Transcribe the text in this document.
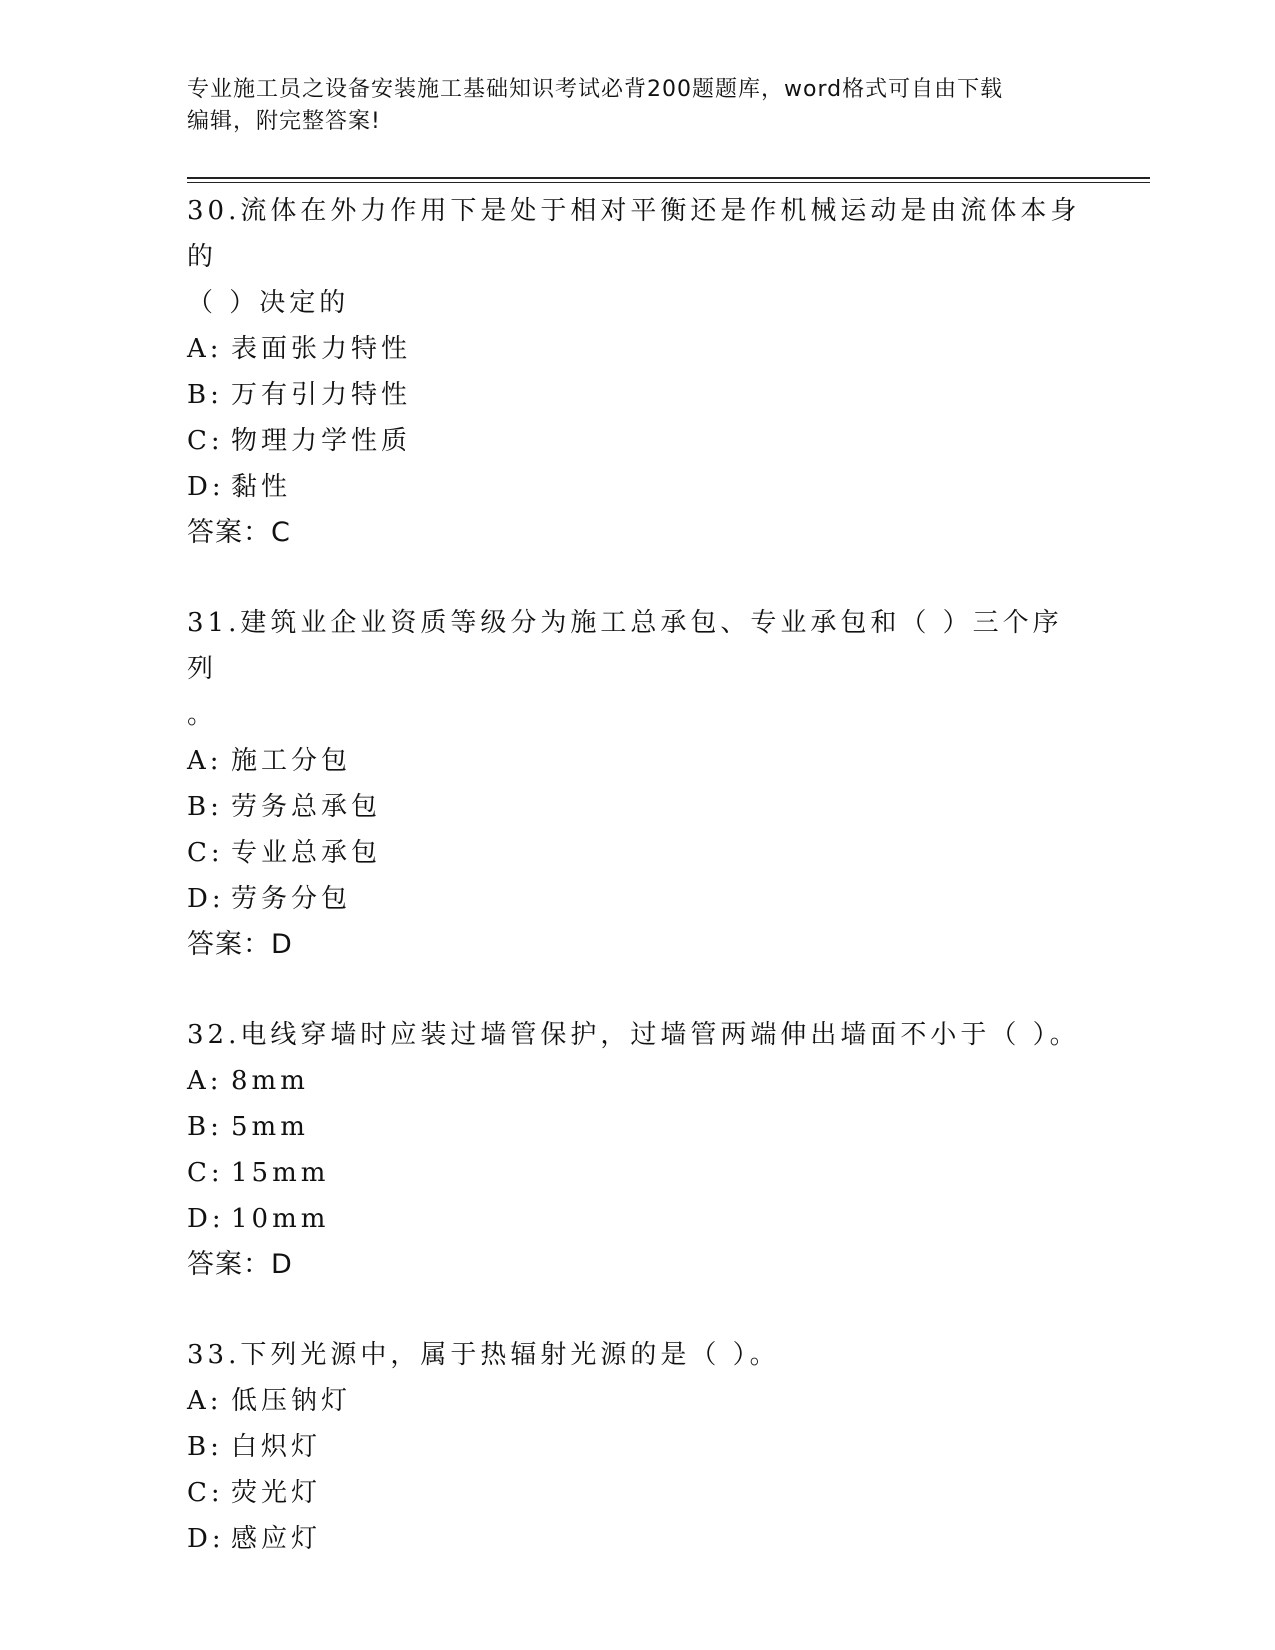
专业施工员之设备安装施工基础知识考试必背200题题库，word格式可自由下载
编辑，附完整答案!

30.流体在外力作用下是处于相对平衡还是作机械运动是由流体本身的

（ ）决定的

A: 表面张力特性
B: 万有引力特性
C: 物理力学性质
D: 黏性
答案：C

31.建筑业企业资质等级分为施工总承包、专业承包和（ ）三个序列

。

A: 施工分包
B: 劳务总承包
C: 专业总承包
D: 劳务分包
答案：D

32.电线穿墙时应装过墙管保护，过墙管两端伸出墙面不小于（ ）。

A: 8mm
B: 5mm
C: 15mm
D: 10mm
答案：D

33.下列光源中，属于热辐射光源的是（ ）。

A: 低压钠灯
B: 白炽灯
C: 荧光灯
D: 感应灯
